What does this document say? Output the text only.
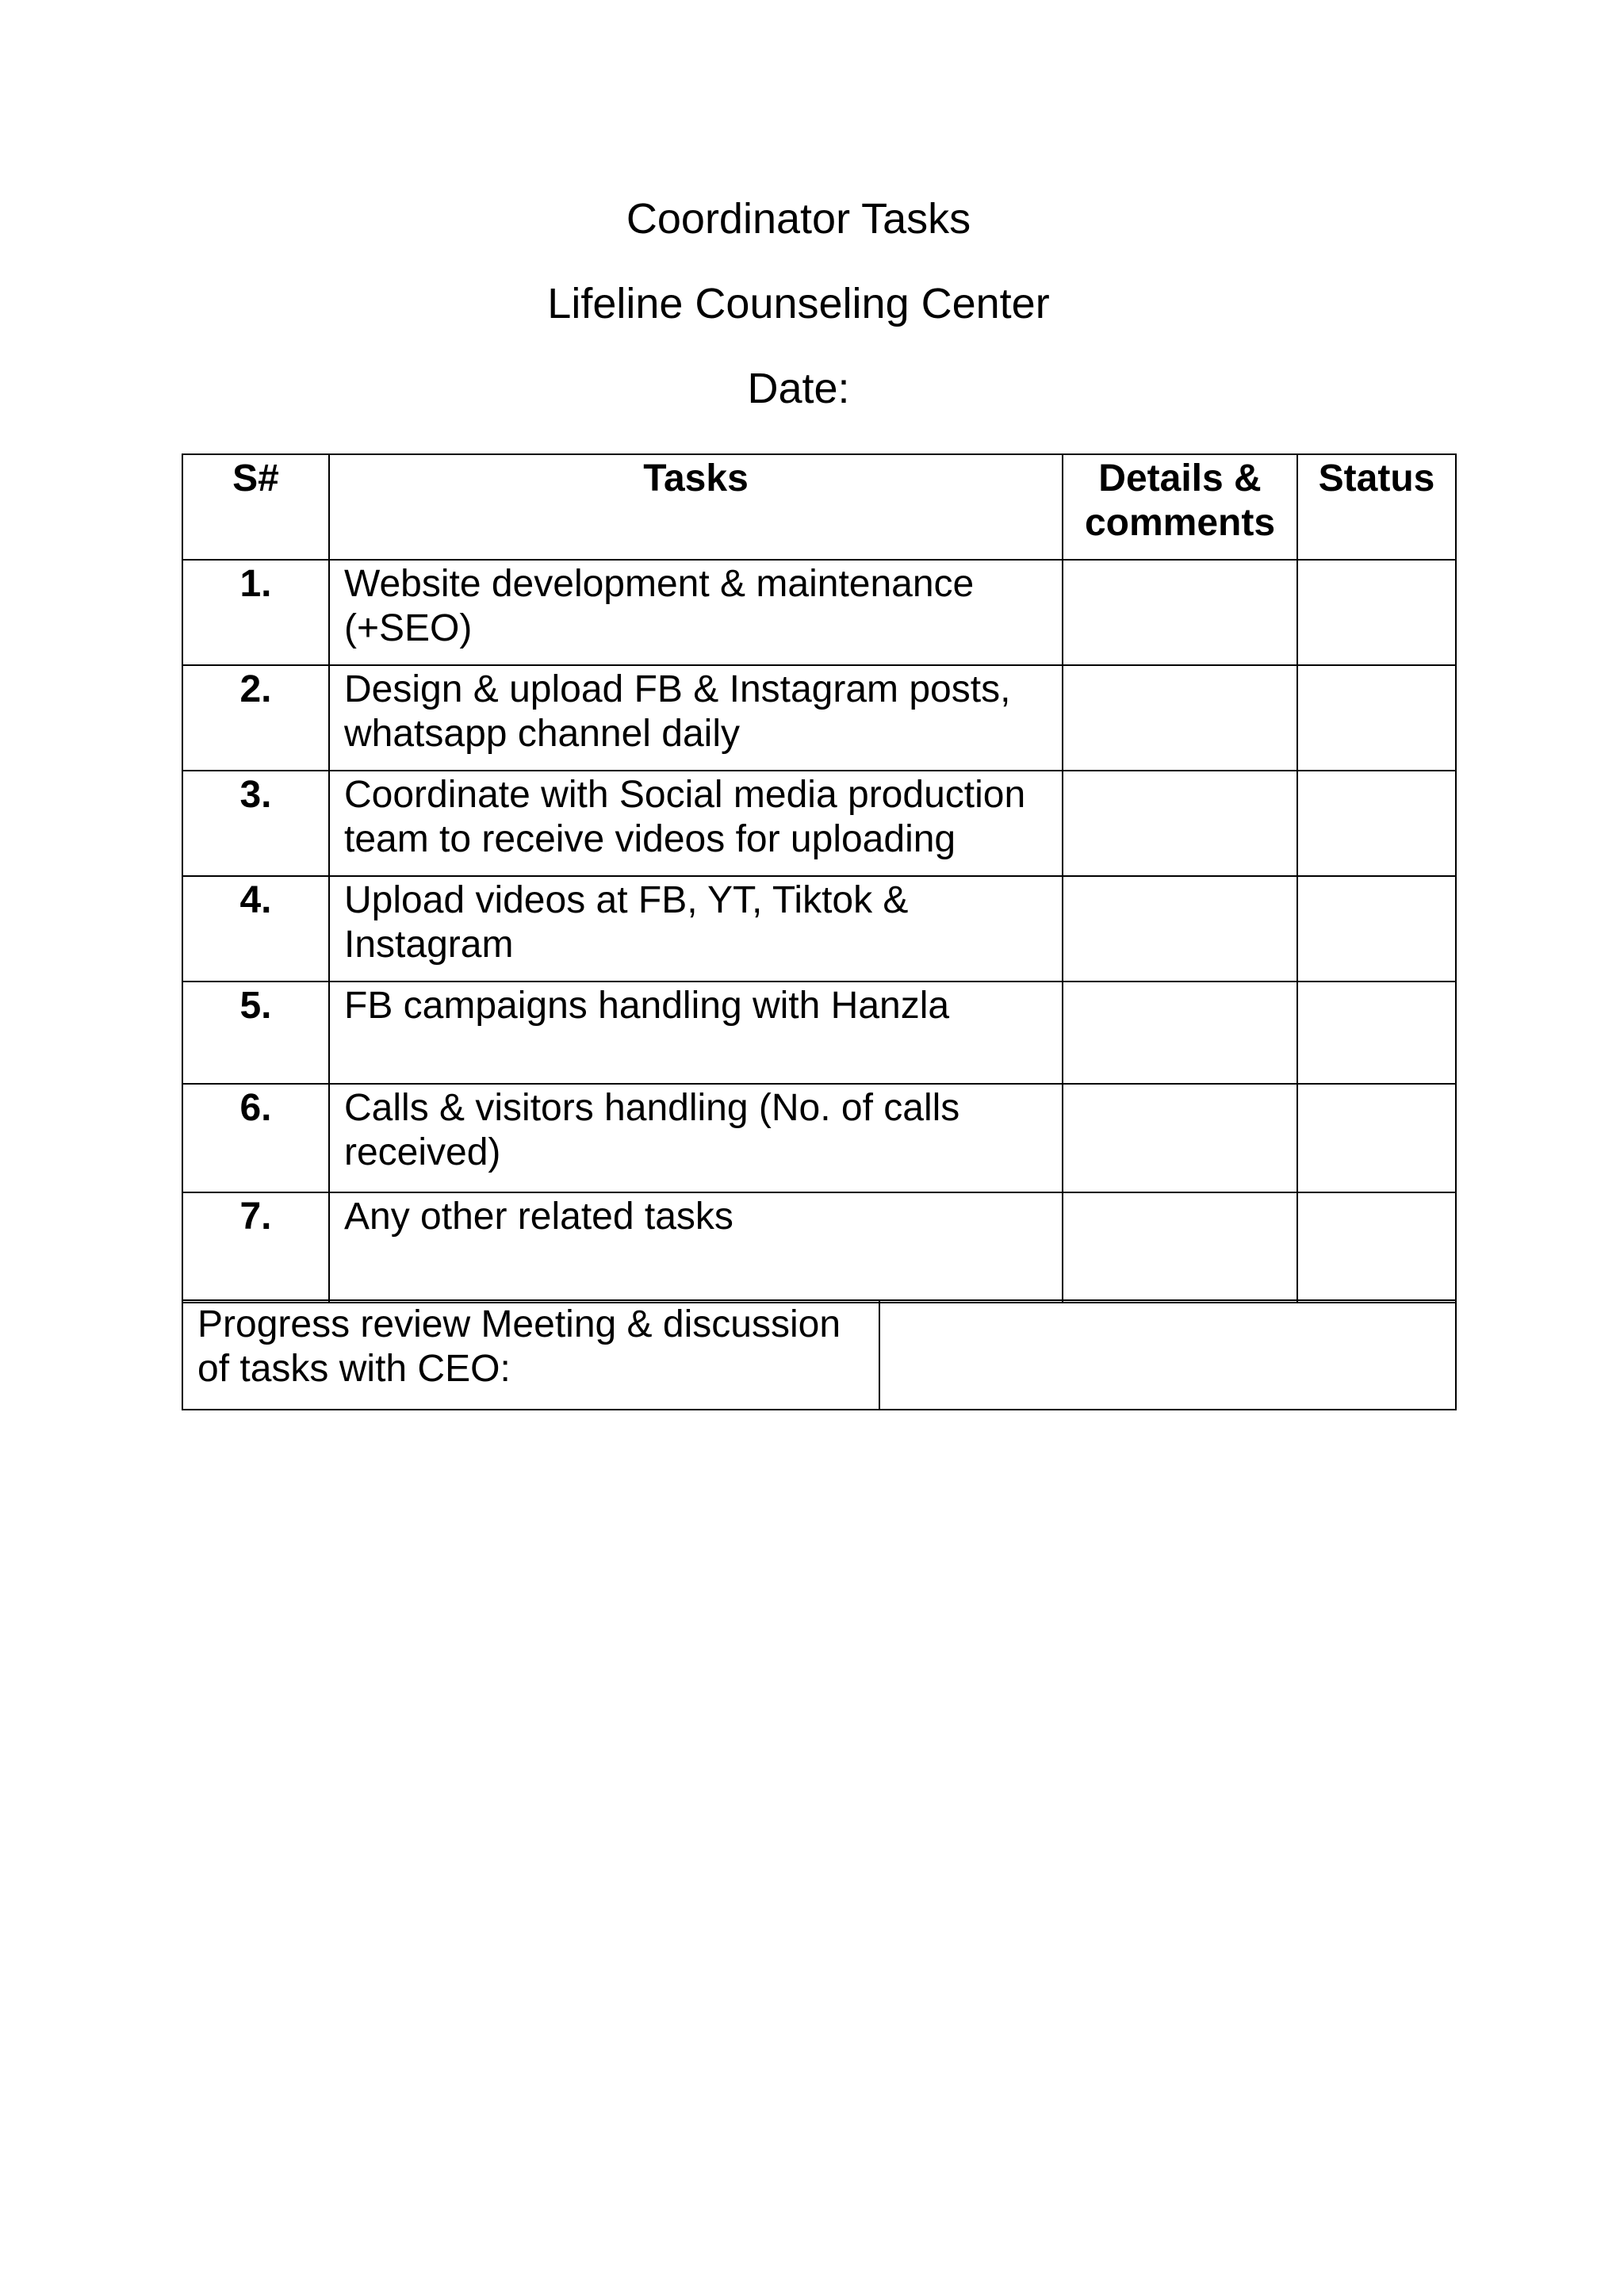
Coordinator Tasks
Lifeline Counseling Center
Date:
S#	Tasks	Details & comments	Status
1.	Website development & maintenance (+SEO)		
2.	Design & upload FB & Instagram posts, whatsapp channel daily		
3.	Coordinate with Social media production team to receive videos for uploading		
4.	Upload videos at FB, YT, Tiktok & Instagram		
5.	FB campaigns handling with Hanzla		
6.	Calls & visitors handling (No. of calls received)		
7.	Any other related tasks		
Progress review Meeting & discussion of tasks with CEO:	
